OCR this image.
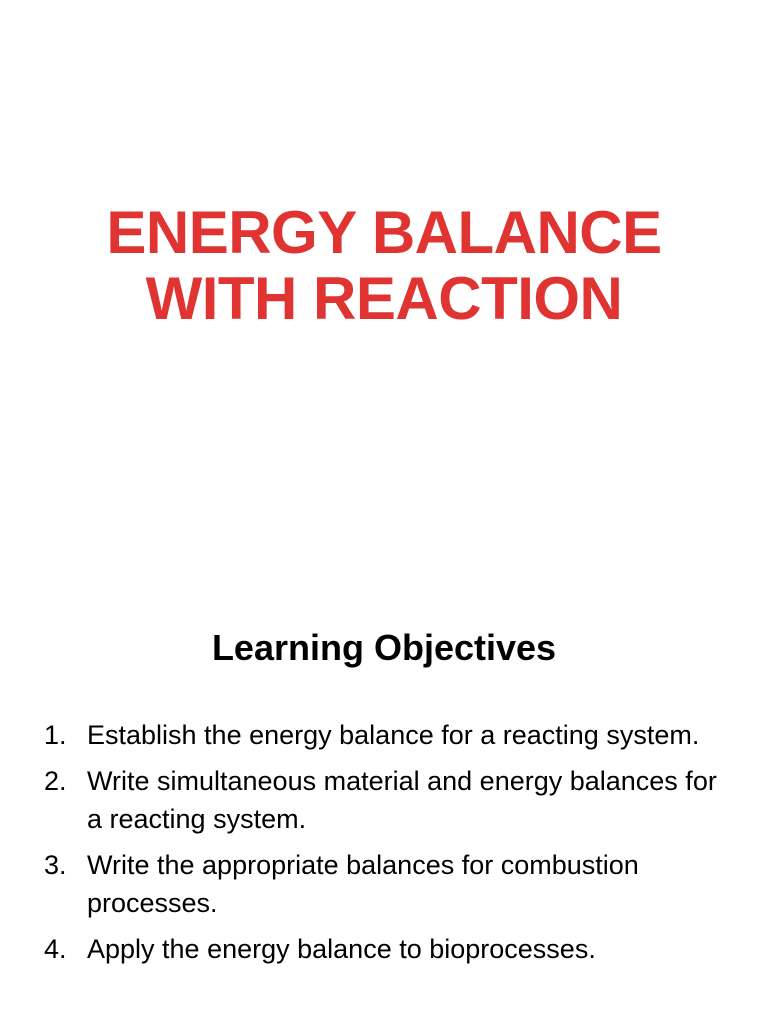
ENERGY BALANCE
WITH REACTION
Learning Objectives
1. Establish the energy balance for a reacting system.
2. Write simultaneous material and energy balances for a reacting system.
3. Write the appropriate balances for combustion processes.
4. Apply the energy balance to bioprocesses.
